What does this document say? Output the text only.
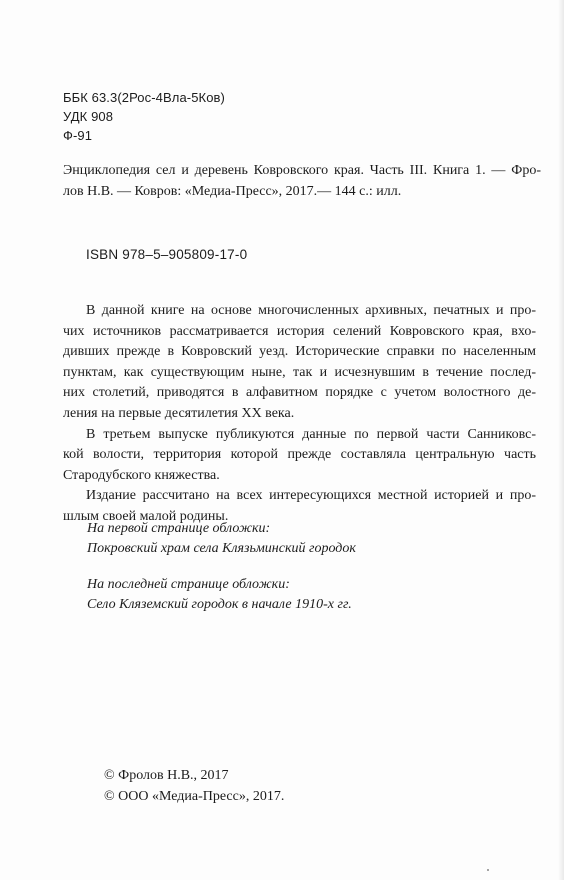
ББК 63.3(2Рос-4Вла-5Ков)
УДК 908
Ф-91
Энциклопедия сел и деревень Ковровского края. Часть III. Книга 1. — Фро-
лов Н.В. — Ковров: «Медиа-Пресс», 2017.— 144 с.: илл.
ISBN 978–5–905809-17-0
В данной книге на основе многочисленных архивных, печатных и про-
чих источников рассматривается история селений Ковровского края, вхо-
дивших прежде в Ковровский уезд. Исторические справки по населенным
пунктам, как существующим ныне, так и исчезнувшим в течение послед-
них столетий, приводятся в алфавитном порядке с учетом волостного де-
ления на первые десятилетия XX века.
В третьем выпуске публикуются данные по первой части Санниковс-
кой волости, территория которой прежде составляла центральную часть
Стародубского княжества.
Издание рассчитано на всех интересующихся местной историей и про-
шлым своей малой родины.
На первой странице обложки:
Покровский храм села Клязьминский городок
На последней странице обложки:
Село Кляземский городок в начале 1910-х гг.
© Фролов Н.В., 2017
© ООО «Медиа-Пресс», 2017.
